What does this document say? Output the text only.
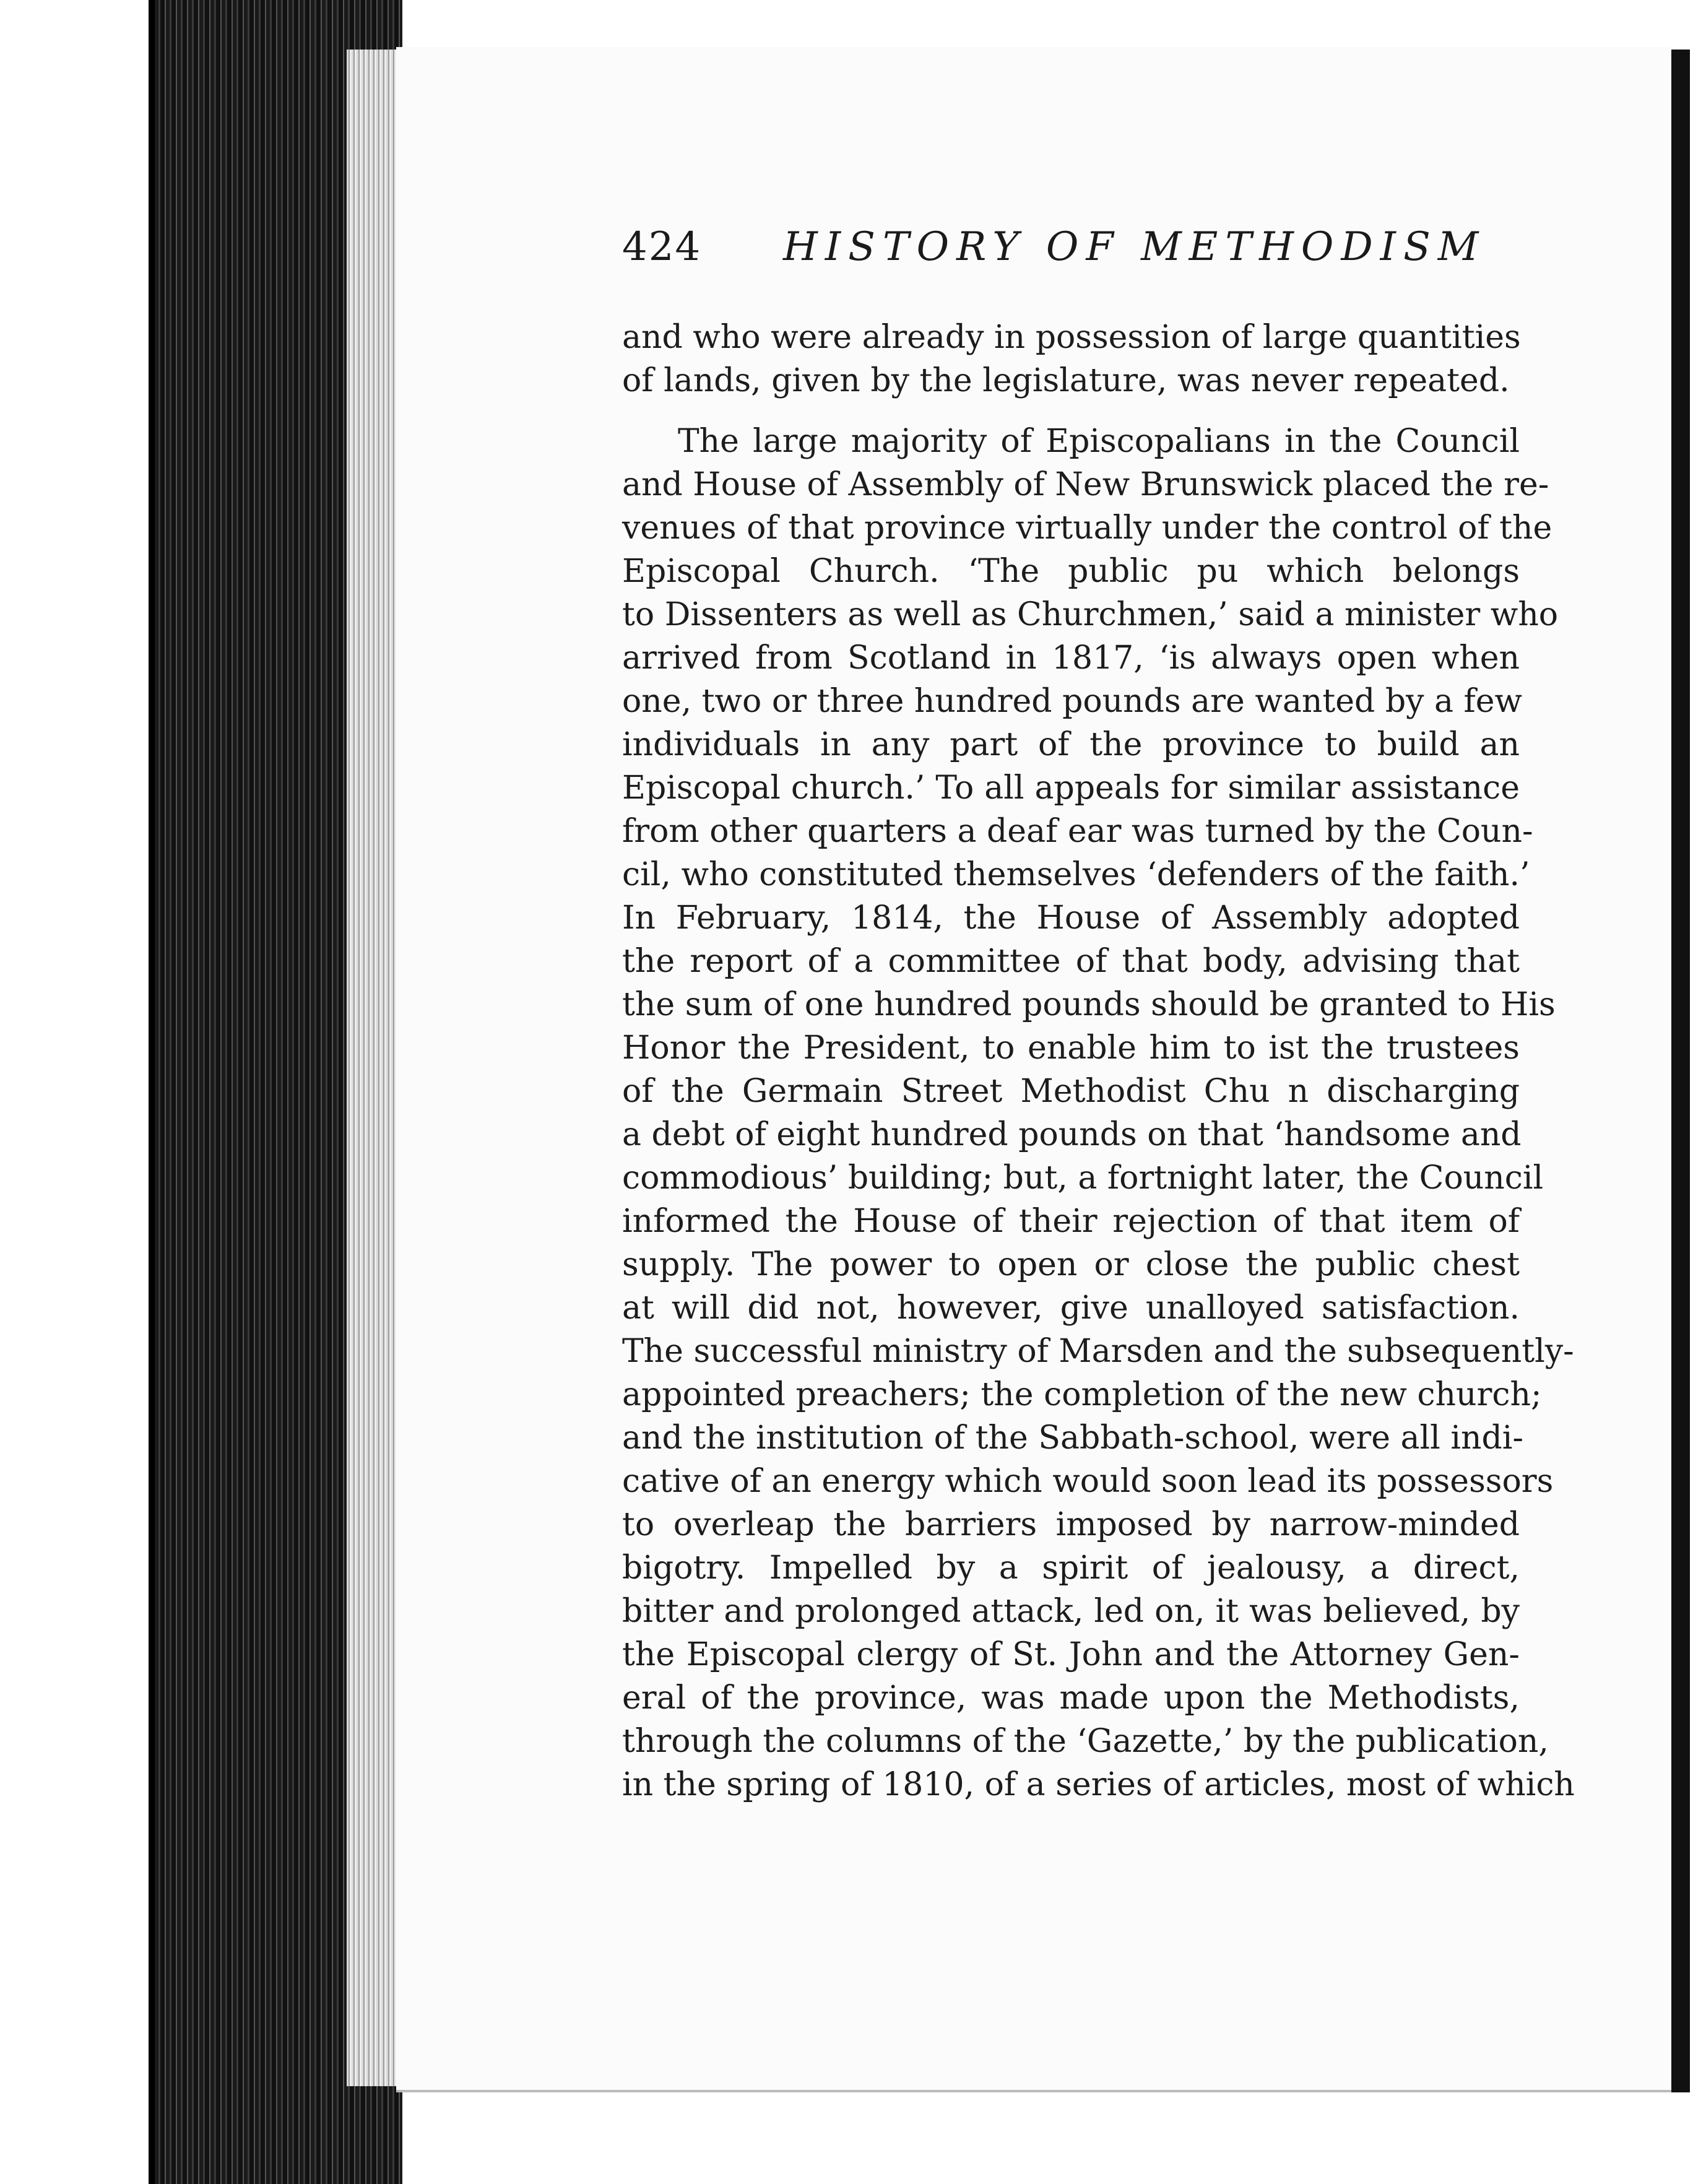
424 HISTORY OF METHODISM
and who were already in possession of large quantities
of lands, given by the legislature, was never repeated.
The large majority of Episcopalians in the Council
and House of Assembly of New Brunswick placed the re-
venues of that province virtually under the control of the
Episcopal Church. ‘The public pu which belongs
to Dissenters as well as Churchmen,’ said a minister who
arrived from Scotland in 1817, ‘is always open when
one, two or three hundred pounds are wanted by a few
individuals in any part of the province to build an
Episcopal church.’ To all appeals for similar assistance
from other quarters a deaf ear was turned by the Coun-
cil, who constituted themselves ‘defenders of the faith.’
In February, 1814, the House of Assembly adopted
the report of a committee of that body, advising that
the sum of one hundred pounds should be granted to His
Honor the President, to enable him to ist the trustees
of the Germain Street Methodist Chu n discharging
a debt of eight hundred pounds on that ‘handsome and
commodious’ building; but, a fortnight later, the Council
informed the House of their rejection of that item of
supply. The power to open or close the public chest
at will did not, however, give unalloyed satisfaction.
The successful ministry of Marsden and the subsequently-
appointed preachers; the completion of the new church;
and the institution of the Sabbath-school, were all indi-
cative of an energy which would soon lead its possessors
to overleap the barriers imposed by narrow-minded
bigotry. Impelled by a spirit of jealousy, a direct,
bitter and prolonged attack, led on, it was believed, by
the Episcopal clergy of St. John and the Attorney Gen-
eral of the province, was made upon the Methodists,
through the columns of the ‘Gazette,’ by the publication,
in the spring of 1810, of a series of articles, most of which
